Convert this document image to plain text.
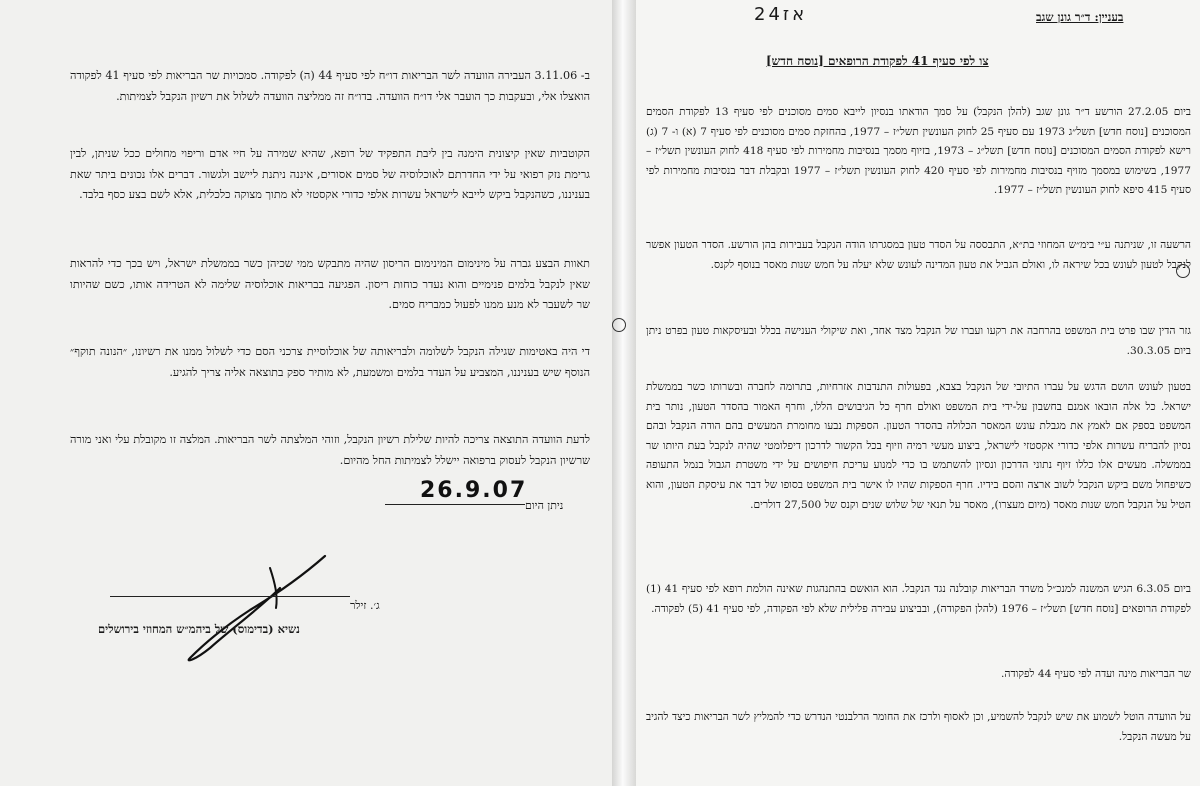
ב- 3.11.06 העבירה הוועדה לשר הבריאות דו״ח לפי סעיף 44 (ה) לפקודה. סמכויות שר הבריאות לפי סעיף 41 לפקודה הואצלו אלי, ובעקבות כך הועבר אלי דו״ח הוועדה. בדו״ח זה ממליצה הוועדה לשלול את רשיון הנקבל לצמיתות.

הקוטביות שאין קיצונית הימנה בין ליבת התפקיד של רופא, שהיא שמירה על חיי אדם וריפוי מחולים ככל שניתן, לבין גרימת נזק רפואי על ידי החדרתם לאוכלוסיה של סמים אסורים, איננה ניתנת ליישב ולגשור. דברים אלו נכונים ביתר שאת בעניננו, כשהנקבל ביקש לייבא לישראל עשרות אלפי כדורי אקסטזי לא מתוך מצוקה כלכלית, אלא לשם בצע כסף בלבד.

תאוות הבצע גברה על מינימום המינימום הריסון שהיה מתבקש ממי שכיהן כשר בממשלת ישראל, ויש בכך כדי להראות שאין לנקבל בלמים פנימיים והוא נעדר כוחות ריסון. הפגיעה בבריאות אוכלוסיה שלימה לא הטרידה אותו, כשם שהיותו שר לשעבר לא מנע ממנו לפעול כמבריח סמים.

די היה באטימות שגילה הנקבל לשלומה ולבריאותה של אוכלוסיית צרכני הסם כדי לשלול ממנו את רשיונו, ״הנונה תוקף״ הנוסף שיש בעניננו, המצביע על העדר בלמים ומשמעת, לא מותיר ספק בתוצאה אליה צריך להגיע.

לדעת הוועדה התוצאה צריכה להיות שלילת רשיון הנקבל, וזוהי המלצתה לשר הבריאות. המלצה זו מקובלת עלי ואני מורה שרשיון הנקבל לעסוק ברפואה יישלל לצמיתות החל מהיום.

26.9.07
ניתן היום
ג׳. זילר
נשיא (בדימוס) של ביהמ״ש המחוזי בירושלים
אז24	בעניין: ד״ר גונן שגב
צו לפי סעיף 41 לפקודת הרופאים [נוסח חדש]

ביום 27.2.05 הורשע ד״ר גונן שגב (להלן הנקבל) על סמך הודאתו בנסיון לייבא סמים מסוכנים לפי סעיף 13 לפקודת הסמים המסוכנים [נוסח חדש] תשל״ג 1973 עם סעיף 25 לחוק העונשין תשל״ז – 1977, בהחזקת סמים מסוכנים לפי סעיף 7 (א) ו- 7 (ג) רישא לפקודת הסמים המסוכנים [נוסח חדש] תשל״ג – 1973, בזיוף מסמך בנסיבות מחמירות לפי סעיף 418 לחוק העונשין תשל״ז – 1977, בשימוש במסמך מזויף בנסיבות מחמירות לפי סעיף 420 לחוק העונשין תשל״ז – 1977 ובקבלת דבר בנסיבות מחמירות לפי סעיף 415 סיפא לחוק העונשין תשל״ז – 1977.

הרשעה זו, שניתנה ע״י בימ״ש המחוזי בת״א, התבססה על הסדר טעון במסגרתו הודה הנקבל בעבירות בהן הורשע. הסדר הטעון אפשר לנקבל לטעון לעונש בכל שיראה לו, ואולם הגביל את טעון המדינה לעונש שלא יעלה על חמש שנות מאסר בנוסף לקנס.

גזר הדין שבו פרט בית המשפט בהרחבה את רקעו ועברו של הנקבל מצד אחד, ואת שיקולי הענישה בכלל ובעיסקאות טעון בפרט ניתן ביום 30.3.05.

בטעון לעונש הושם הדגש על עברו התיובי של הנקבל בצבא, בפעולות התנדבות אזרחיות, בתרומה לחברה ובשרותו כשר בממשלת ישראל. כל אלה הובאו אמנם בחשבון על-ידי בית המשפט ואולם חרף כל הגיבושים הללו, וחרף האמור בהסדר הטעון, נותר בית המשפט בספק אם לאמץ את מגבלת עונש המאסר הכלולה בהסדר הטעון. הספקות נבעו מחומרת המעשים בהם הודה הנקבל ובהם נסיון להבריח עשרות אלפי כדורי אקסטזי לישראל, ביצוע מעשי רמיה וזיוף בכל הקשור לדרכון דיפלומטי שהיה לנקבל בעת היותו שר בממשלה. מעשים אלו כללו זיוף נתוני הדרכון ונסיון להשתמש בו כדי למנוע עריכת חיפושים על ידי משטרת הגבול בנמל התעופה כשיפחול משם ביקש הנקבל לשוב ארצה והסם בידיו. חרף הספקות שהיו לו אישר בית המשפט בסופו של דבר את עיסקת הטעון, והוא הטיל על הנקבל חמש שנות מאסר (מיום מעצרו), מאסר על תנאי של שלוש שנים וקנס של 27,500 דולרים.

ביום 6.3.05 הגיש המשנה למנכ״ל משרד הבריאות קובלנה נגד הנקבל. הוא הואשם בהתנהגות שאינה הולמת רופא לפי סעיף 41 (1) לפקודת הרופאים [נוסח חדש] תשל״ז – 1976 (להלן הפקודה), ובביצוע עבירה פלילית שלא לפי הפקודה, לפי סעיף 41 (5) לפקודה.

שר הבריאות מינה ועדה לפי סעיף 44 לפקודה.

על הוועדה הוטל לשמוע את שיש לנקבל להשמיע, וכן לאסוף ולרכז את החומר הרלבנטי הנדרש כדי להמליץ לשר הבריאות כיצד להגיב על מעשה הנקבל.
